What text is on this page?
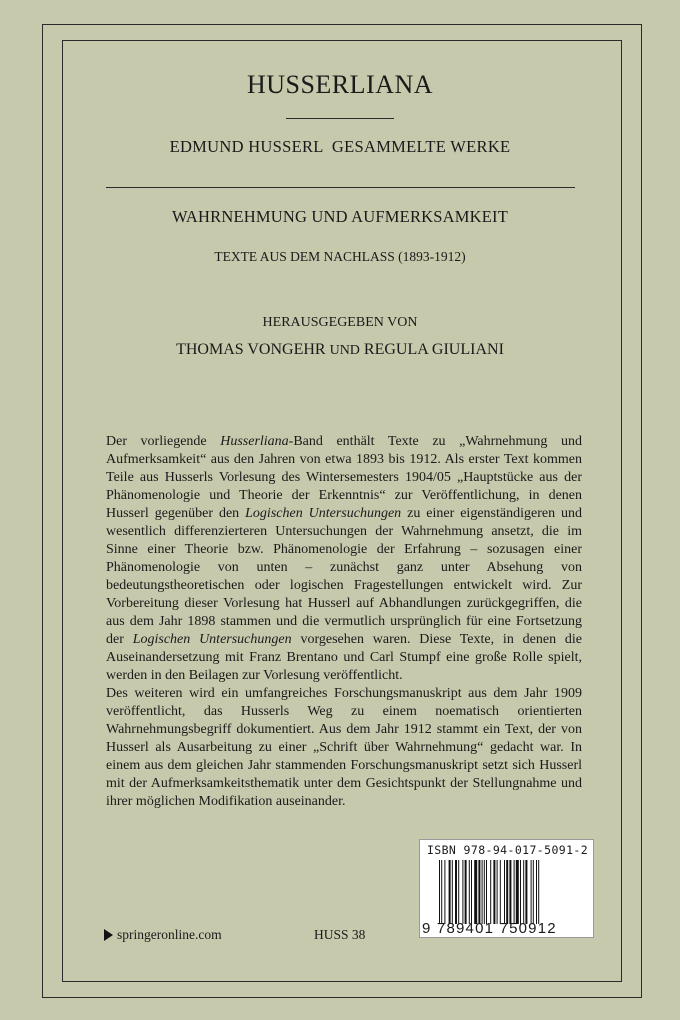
HUSSERLIANA
EDMUND HUSSERL  GESAMMELTE WERKE
WAHRNEHMUNG UND AUFMERKSAMKEIT
TEXTE AUS DEM NACHLASS (1893-1912)
HERAUSGEGEBEN VON
THOMAS VONGEHR UND REGULA GIULIANI

Der vorliegende Husserliana-Band enthält Texte zu „Wahrnehmung und Aufmerksamkeit“ aus den Jahren von etwa 1893 bis 1912. Als erster Text kommen Teile aus Husserls Vorlesung des Wintersemesters 1904/05 „Hauptstücke aus der Phänomenologie und Theorie der Erkenntnis“ zur Veröffentlichung, in denen Husserl gegenüber den Logischen Untersuchungen zu einer eigenständigeren und wesentlich differenzierteren Untersuchungen der Wahrnehmung ansetzt, die im Sinne einer Theorie bzw. Phänomenologie der Erfahrung – sozusagen einer Phänomenologie von unten – zunächst ganz unter Absehung von bedeutungstheoretischen oder logischen Fragestellungen entwickelt wird. Zur Vorbereitung dieser Vorlesung hat Husserl auf Abhandlungen zurückgegriffen, die aus dem Jahr 1898 stammen und die vermutlich ursprünglich für eine Fortsetzung der Logischen Untersuchungen vorgesehen waren. Diese Texte, in denen die Auseinandersetzung mit Franz Brentano und Carl Stumpf eine große Rolle spielt, werden in den Beilagen zur Vorlesung veröffentlicht.

Des weiteren wird ein umfangreiches Forschungsmanuskript aus dem Jahr 1909 veröffentlicht, das Husserls Weg zu einem noematisch orientierten Wahrnehmungsbegriff dokumentiert. Aus dem Jahr 1912 stammt ein Text, der von Husserl als Ausarbeitung zu einer „Schrift über Wahrnehmung“ gedacht war. In einem aus dem gleichen Jahr stammenden Forschungsmanuskript setzt sich Husserl mit der Aufmerksamkeitsthematik unter dem Gesichtspunkt der Stellungnahme und ihrer möglichen Modifikation auseinander.

ISBN 978-94-017-5091-2
9 789401 750912
springeronline.com	HUSS 38
